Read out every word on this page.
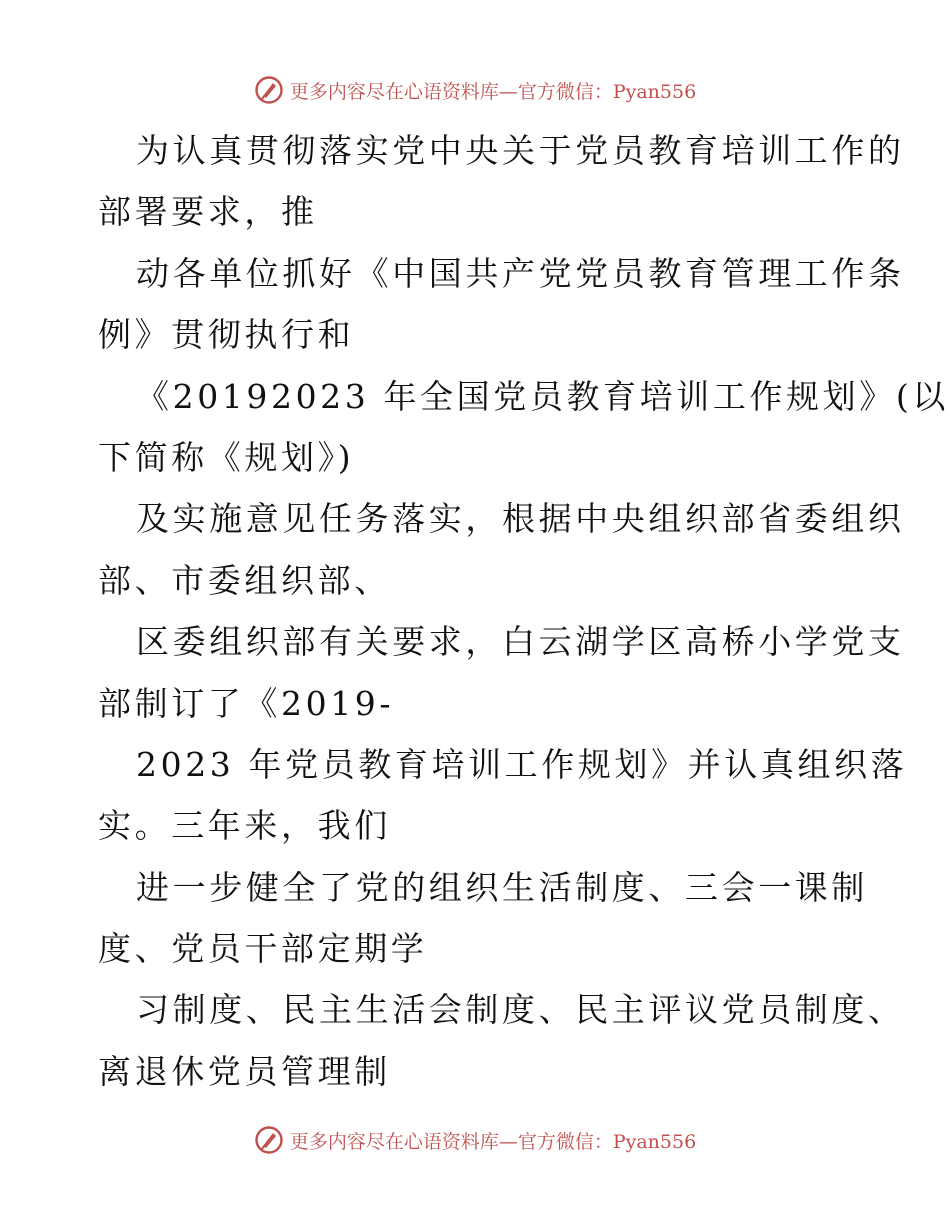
更多内容尽在心语资料库—官方微信：Pyan556
为认真贯彻落实党中央关于党员教育培训工作的
部署要求，推
动各单位抓好《中国共产党党员教育管理工作条
例》贯彻执行和
《20192023 年全国党员教育培训工作规划》(以
下简称《规划》)
及实施意见任务落实，根据中央组织部省委组织
部、市委组织部、
区委组织部有关要求，白云湖学区高桥小学党支
部制订了《2019-
2023 年党员教育培训工作规划》并认真组织落
实。三年来，我们
进一步健全了党的组织生活制度、三会一课制
度、党员干部定期学
习制度、民主生活会制度、民主评议党员制度、
离退休党员管理制
更多内容尽在心语资料库—官方微信：Pyan556
